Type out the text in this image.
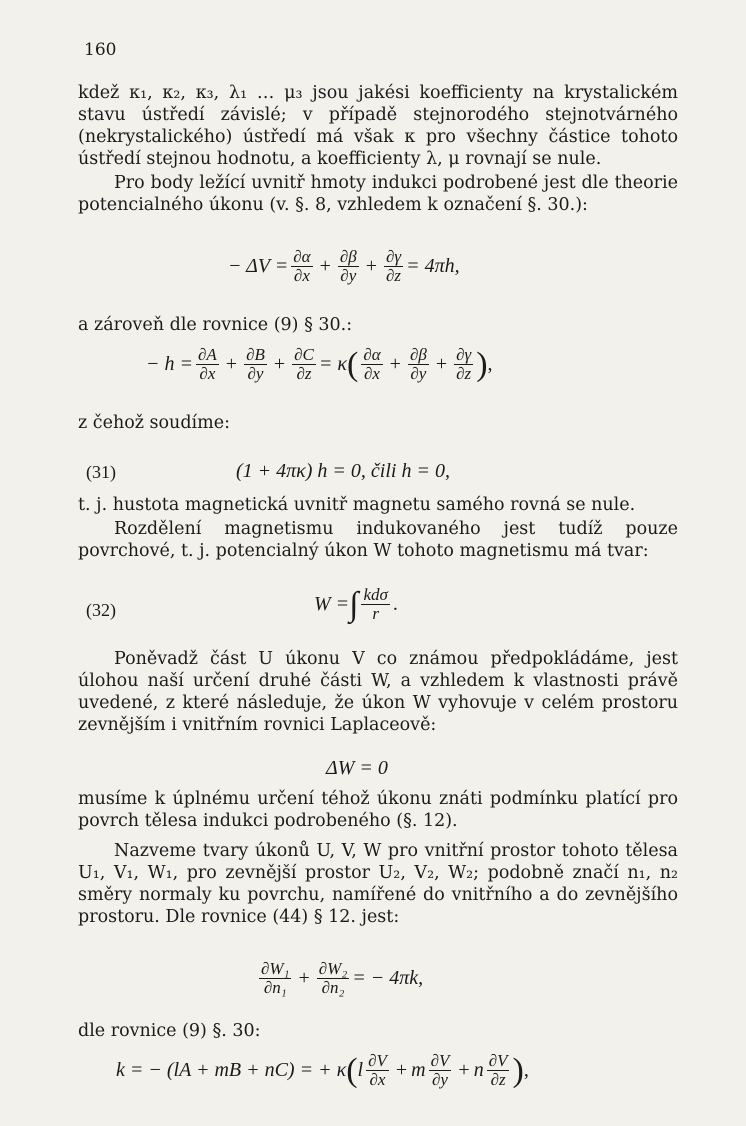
160

kdež κ₁, κ₂, κ₃, λ₁ … μ₃ jsou jakési koefficienty na krystalickém stavu ústředí závislé; v případě stejnorodého stejnotvárného (nekrystalického) ústředí má však κ pro všechny částice tohoto ústředí stejnou hodnotu, a koefficienty λ, μ rovnají se nule.

Pro body ležící uvnitř hmoty indukci podrobené jest dle theorie potencialného úkonu (v. §. 8, vzhledem k označení §. 30.):

− $\Delta V = \frac{\partial\alpha}{\partial x} + \frac{\partial\beta}{\partial y} + \frac{\partial\gamma}{\partial z} = 4\pi h$,

a zároveň dle rovnice (9) § 30.:

− $h = \frac{\partial A}{\partial x} + \frac{\partial B}{\partial y} + \frac{\partial C}{\partial z} = \kappa$ ( $\frac{\partial\alpha}{\partial x} + \frac{\partial\beta}{\partial y} + \frac{\partial\gamma}{\partial z}$ ) ,

z čehož soudíme:

(31)	(1 + 4πκ) h = 0, čili h = 0,

t. j. hustota magnetická uvnitř magnetu samého rovná se nule.

Rozdělení magnetismu indukovaného jest tudíž pouze povrchové, t. j. potencialný úkon W tohoto magnetismu má tvar:

(32)	W = ∫ $\frac{\text{kdσ}}{r}$ .

Poněvadž část U úkonu V co známou předpokládáme, jest úlohou naší určení druhé části W, a vzhledem k vlastnosti právě uvedené, z které následuje, že úkon W vyhovuje v celém prostoru zevnějším i vnitřním rovnici Laplaceově:

ΔW = 0

musíme k úplnému určení téhož úkonu znáti podmínku platící pro povrch tělesa indukci podrobeného (§. 12).

Nazveme tvary úkonů U, V, W pro vnitřní prostor tohoto tělesa U₁, V₁, W₁, pro zevnější prostor U₂, V₂, W₂; podobně značí n₁, n₂ směry normaly ku povrchu, namířené do vnitřního a do zevnějšího prostoru. Dle rovnice (44) § 12. jest:

$\frac{\text{∂W₁}}{\text{∂n₁}} + \frac{\text{∂W₂}}{\text{∂n₂}}$ = − 4πk,

dle rovnice (9) §. 30:

k = − (lA + mB + nC) = + κ ( l $\frac{\partial V}{\partial x} + m \frac{\partial V}{\partial y} + n \frac{\partial V}{\partial z}$ ) ,
